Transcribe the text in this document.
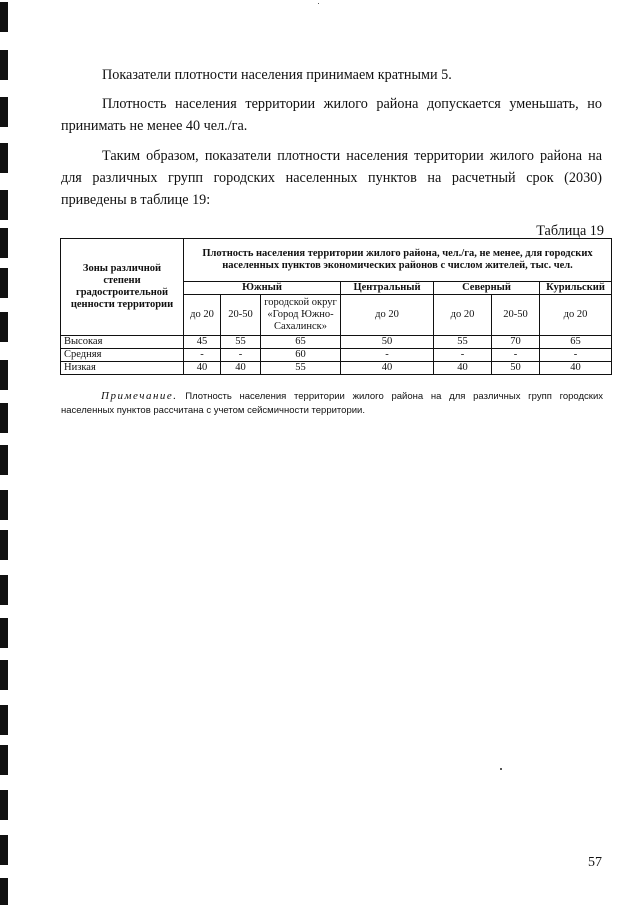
Показатели плотности населения принимаем кратными 5.

Плотность населения территории жилого района допускается уменьшать, но принимать не менее 40 чел./га.

Таким образом, показатели плотности населения территории жилого района на для различных групп городских населенных пунктов на расчетный срок (2030) приведены в таблице 19:

Таблица 19
Зоны различной степени градостроительной ценности территории	Плотность населения территории жилого района, чел./га, не менее, для городских населенных пунктов экономических районов с числом жителей, тыс. чел.						
	Южный			Центральный	Северный		Курильский
	до 20	20-50	городской округ «Город Южно-Сахалинск»	до 20	до 20	20-50	до 20
Высокая	45	55	65	50	55	70	65
Средняя	-	-	60	-	-	-	-
Низкая	40	40	55	40	40	50	40
Примечание. Плотность населения территории жилого района на для различных групп городских населенных пунктов рассчитана с учетом сейсмичности территории.
57
